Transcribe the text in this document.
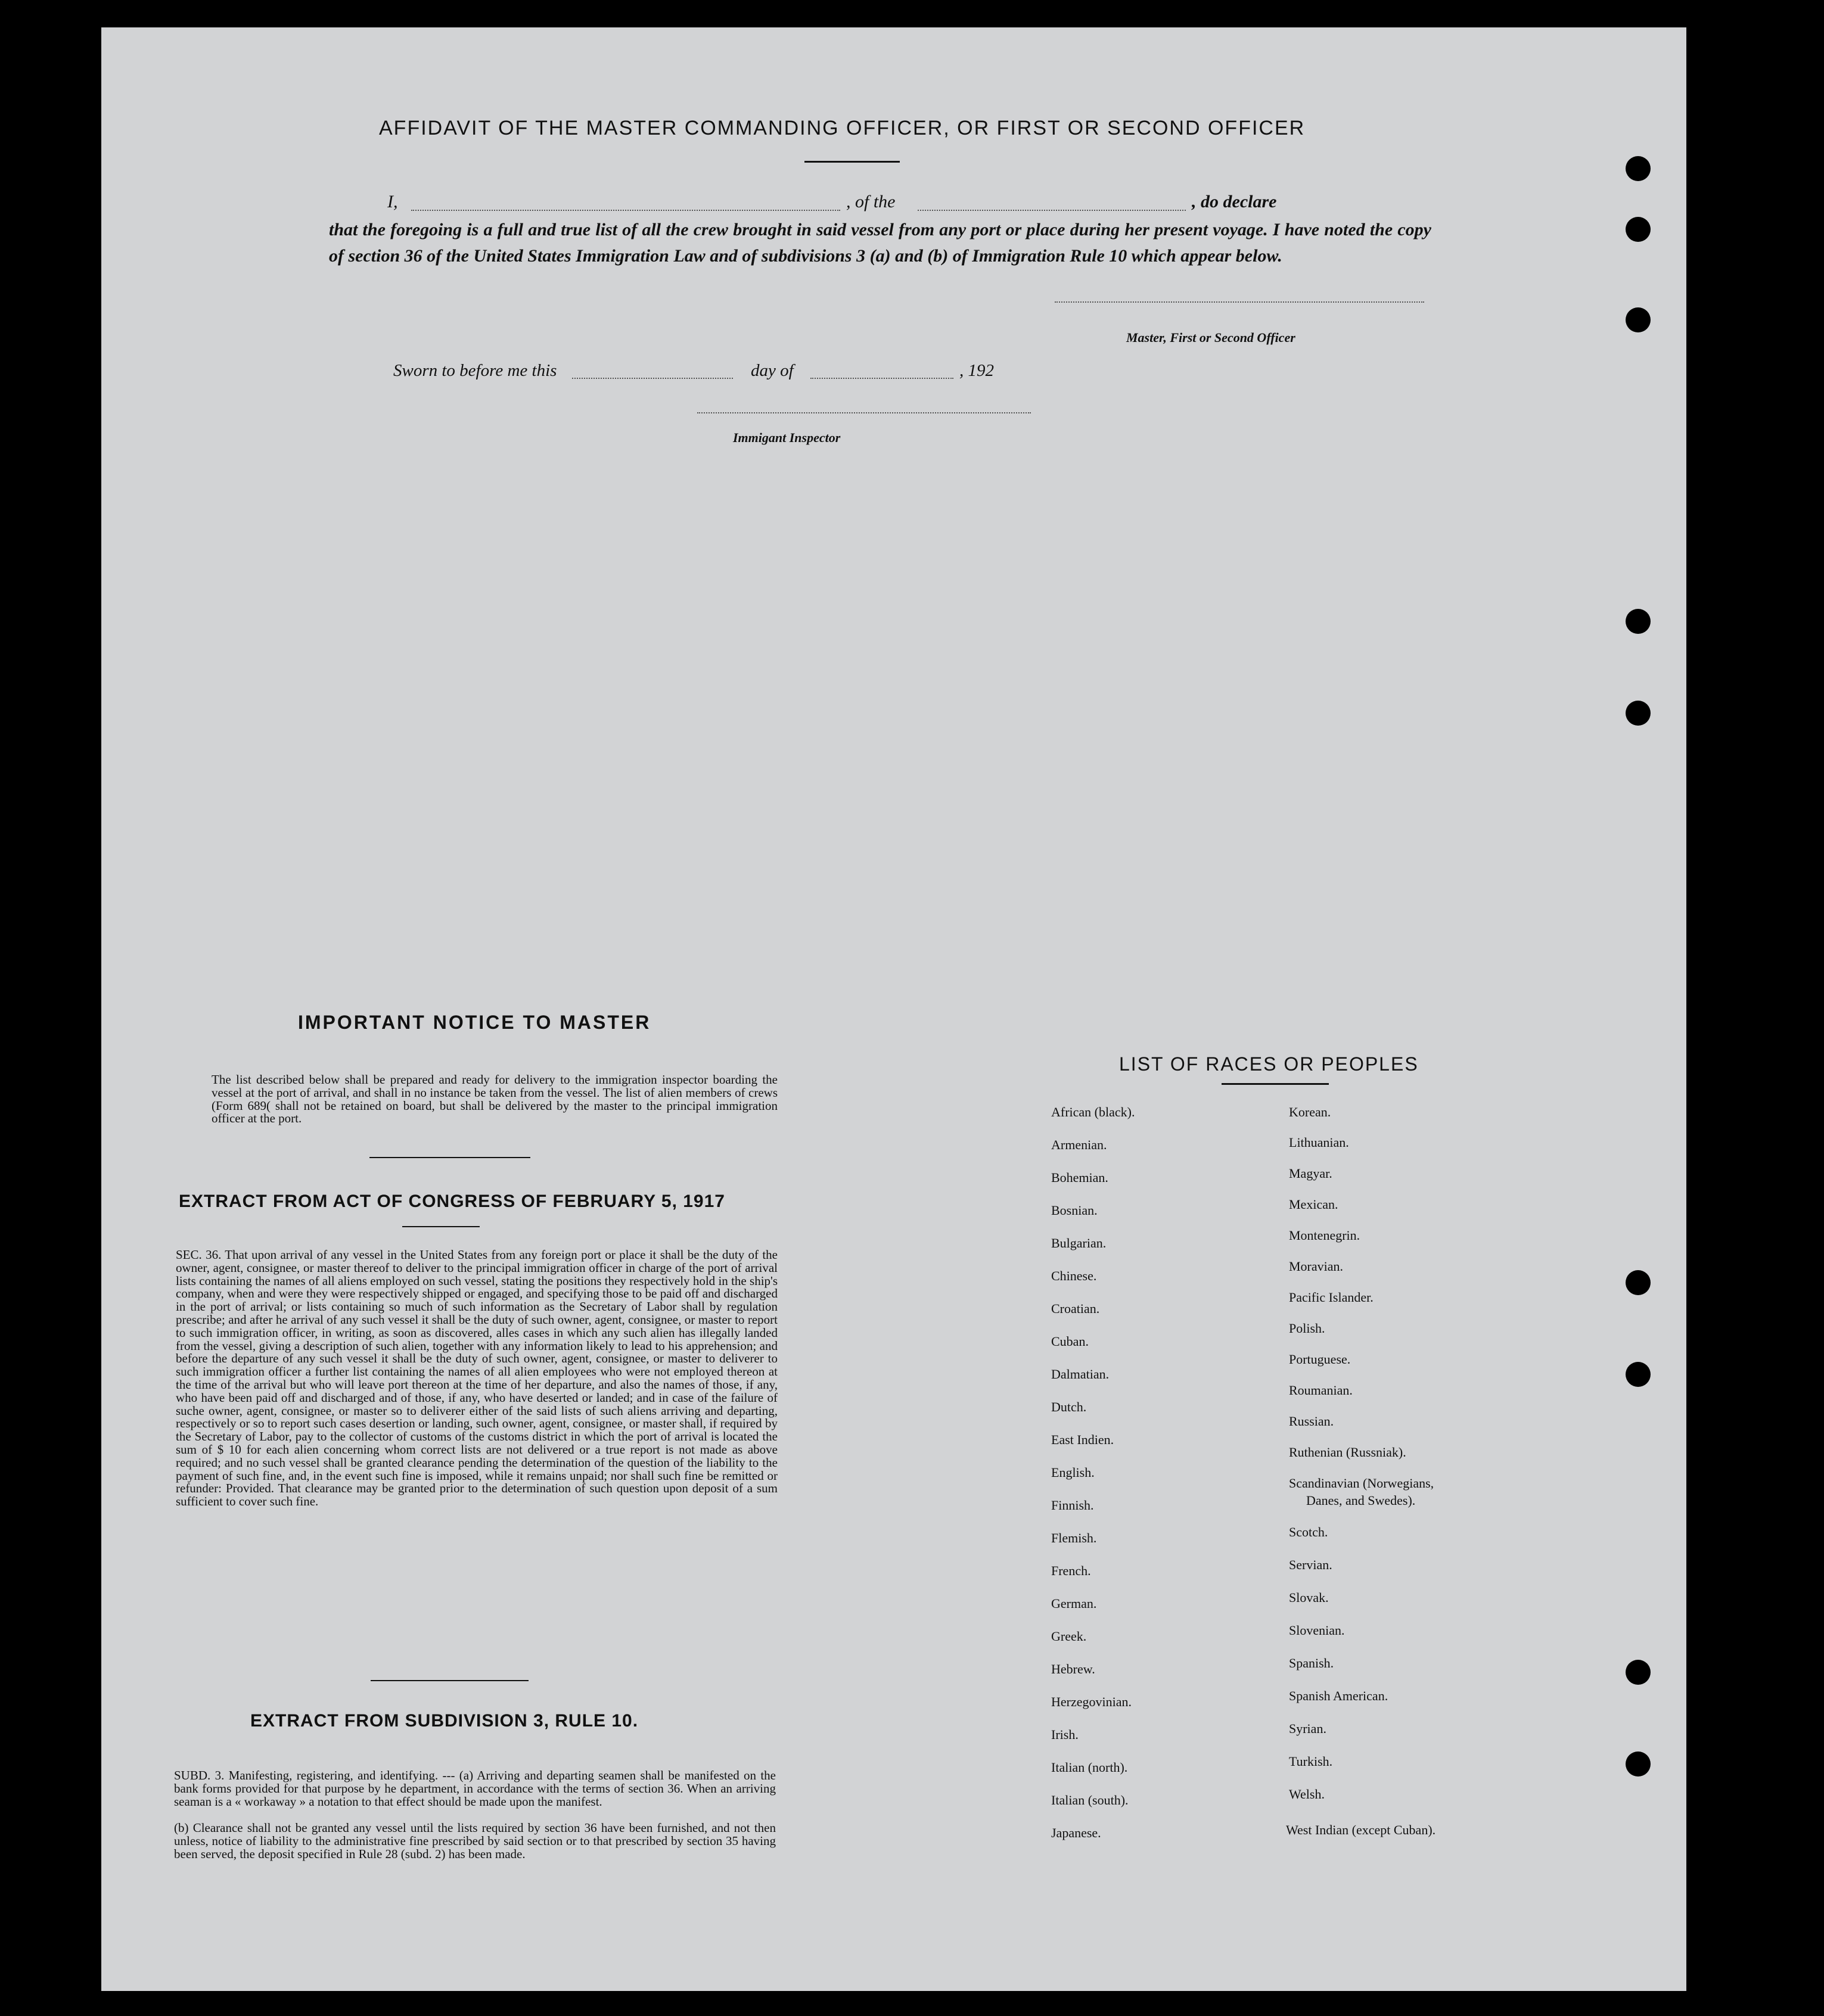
AFFIDAVIT OF THE MASTER COMMANDING OFFICER, OR FIRST OR SECOND OFFICER
I,	, of the	, do declare
that the foregoing is a full and true list of all the crew brought in said vessel from any port or place during her present voyage. I have noted the copy of section 36 of the United States Immigration Law and of subdivisions 3 (a) and (b) of Immigration Rule 10 which appear below.
Master, First or Second Officer
Sworn to before me this	day of	, 192
Immigant Inspector
IMPORTANT NOTICE TO MASTER
The list described below shall be prepared and ready for delivery to the immigration inspector boarding the vessel at the port of arrival, and shall in no instance be taken from the vessel. The list of alien members of crews (Form 689( shall not be retained on board, but shall be delivered by the master to the principal immigration officer at the port.
EXTRACT FROM ACT OF CONGRESS OF FEBRUARY 5, 1917
SEC. 36. That upon arrival of any vessel in the United States from any foreign port or place it shall be the duty of the owner, agent, consignee, or master thereof to deliver to the principal immigration officer in charge of the port of arrival lists containing the names of all aliens employed on such vessel, stating the positions they respectively hold in the ship's company, when and were they were respectively shipped or engaged, and specifying those to be paid off and discharged in the port of arrival; or lists containing so much of such information as the Secretary of Labor shall by regulation prescribe; and after he arrival of any such vessel it shall be the duty of such owner, agent, consignee, or master to report to such immigration officer, in writing, as soon as discovered, alles cases in which any such alien has illegally landed from the vessel, giving a description of such alien, together with any information likely to lead to his apprehension; and before the departure of any such vessel it shall be the duty of such owner, agent, consignee, or master to deliverer to such immigration officer a further list containing the names of all alien employees who were not employed thereon at the time of the arrival but who will leave port thereon at the time of her departure, and also the names of those, if any, who have been paid off and discharged and of those, if any, who have deserted or landed; and in case of the failure of suche owner, agent, consignee, or master so to deliverer either of the said lists of such aliens arriving and departing, respectively or so to report such cases desertion or landing, such owner, agent, consignee, or master shall, if required by the Secretary of Labor, pay to the collector of customs of the customs district in which the port of arrival is located the sum of $ 10 for each alien concerning whom correct lists are not delivered or a true report is not made as above required; and no such vessel shall be granted clearance pending the determination of the question of the liability to the payment of such fine, and, in the event such fine is imposed, while it remains unpaid; nor shall such fine be remitted or refunder: Provided. That clearance may be granted prior to the determination of such question upon deposit of a sum sufficient to cover such fine.
EXTRACT FROM SUBDIVISION 3, RULE 10.
SUBD. 3. Manifesting, registering, and identifying. --- (a) Arriving and departing seamen shall be manifested on the bank forms provided for that purpose by he department, in accordance with the terms of section 36. When an arriving seaman is a « workaway » a notation to that effect should be made upon the manifest.
(b) Clearance shall not be granted any vessel until the lists required by section 36 have been furnished, and not then unless, notice of liability to the administrative fine prescribed by said section or to that prescribed by section 35 having been served, the deposit specified in Rule 28 (subd. 2) has been made.
LIST OF RACES OR PEOPLES
African (black).
Armenian.
Bohemian.
Bosnian.
Bulgarian.
Chinese.
Croatian.
Cuban.
Dalmatian.
Dutch.
East Indien.
English.
Finnish.
Flemish.
French.
German.
Greek.
Hebrew.
Herzegovinian.
Irish.
Italian (north).
Italian (south).
Japanese.
Korean.
Lithuanian.
Magyar.
Mexican.
Montenegrin.
Moravian.
Pacific Islander.
Polish.
Portuguese.
Roumanian.
Russian.
Ruthenian (Russniak).
Scandinavian (Norwegians,
Danes, and Swedes).
Scotch.
Servian.
Slovak.
Slovenian.
Spanish.
Spanish American.
Syrian.
Turkish.
Welsh.
West Indian (except Cuban).
